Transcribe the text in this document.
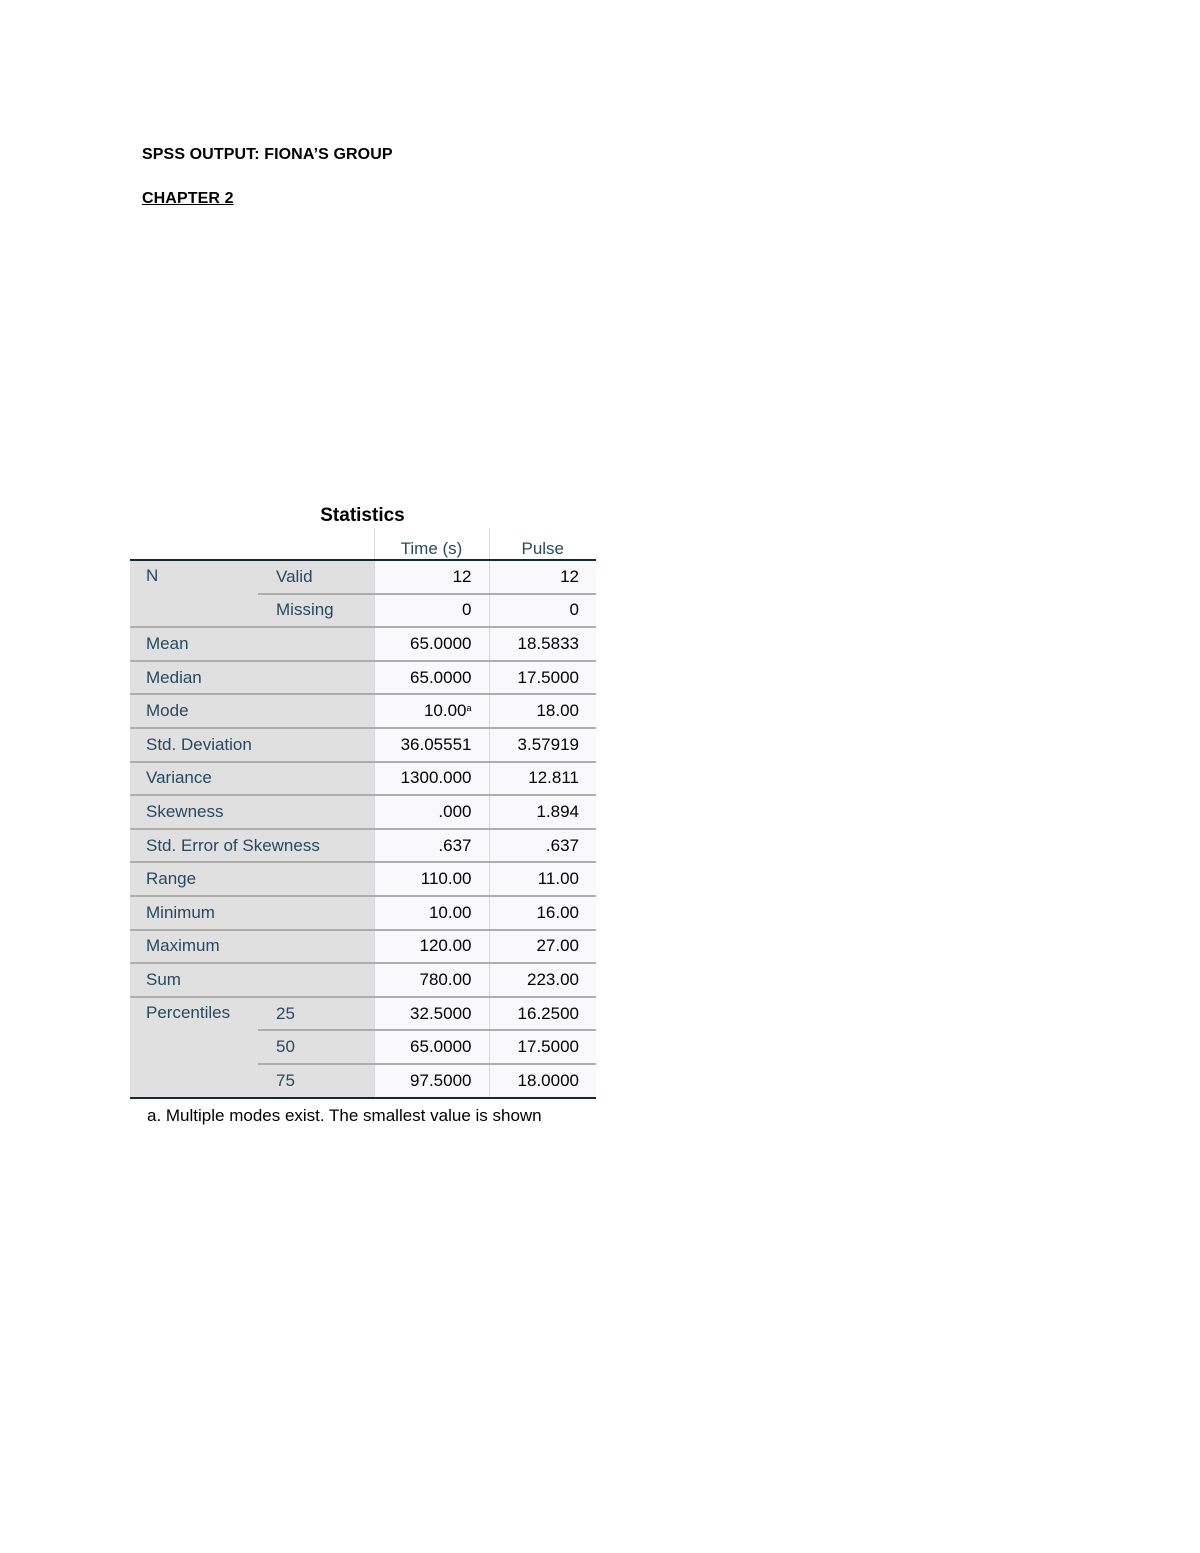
SPSS OUTPUT: FIONA’S GROUP
CHAPTER 2

Statistics
		Time (s)	Pulse
N	Valid	12	12
	Missing	0	0
Mean		65.0000	18.5833
Median		65.0000	17.5000
Mode		10.00$^a$	18.00
Std. Deviation		36.05551	3.57919
Variance		1300.000	12.811
Skewness		.000	1.894
Std. Error of Skewness		.637	.637
Range		110.00	11.00
Minimum		10.00	16.00
Maximum		120.00	27.00
Sum		780.00	223.00
Percentiles	25	32.5000	16.2500
	50	65.0000	17.5000
	75	97.5000	18.0000
a. Multiple modes exist. The smallest value is shown
